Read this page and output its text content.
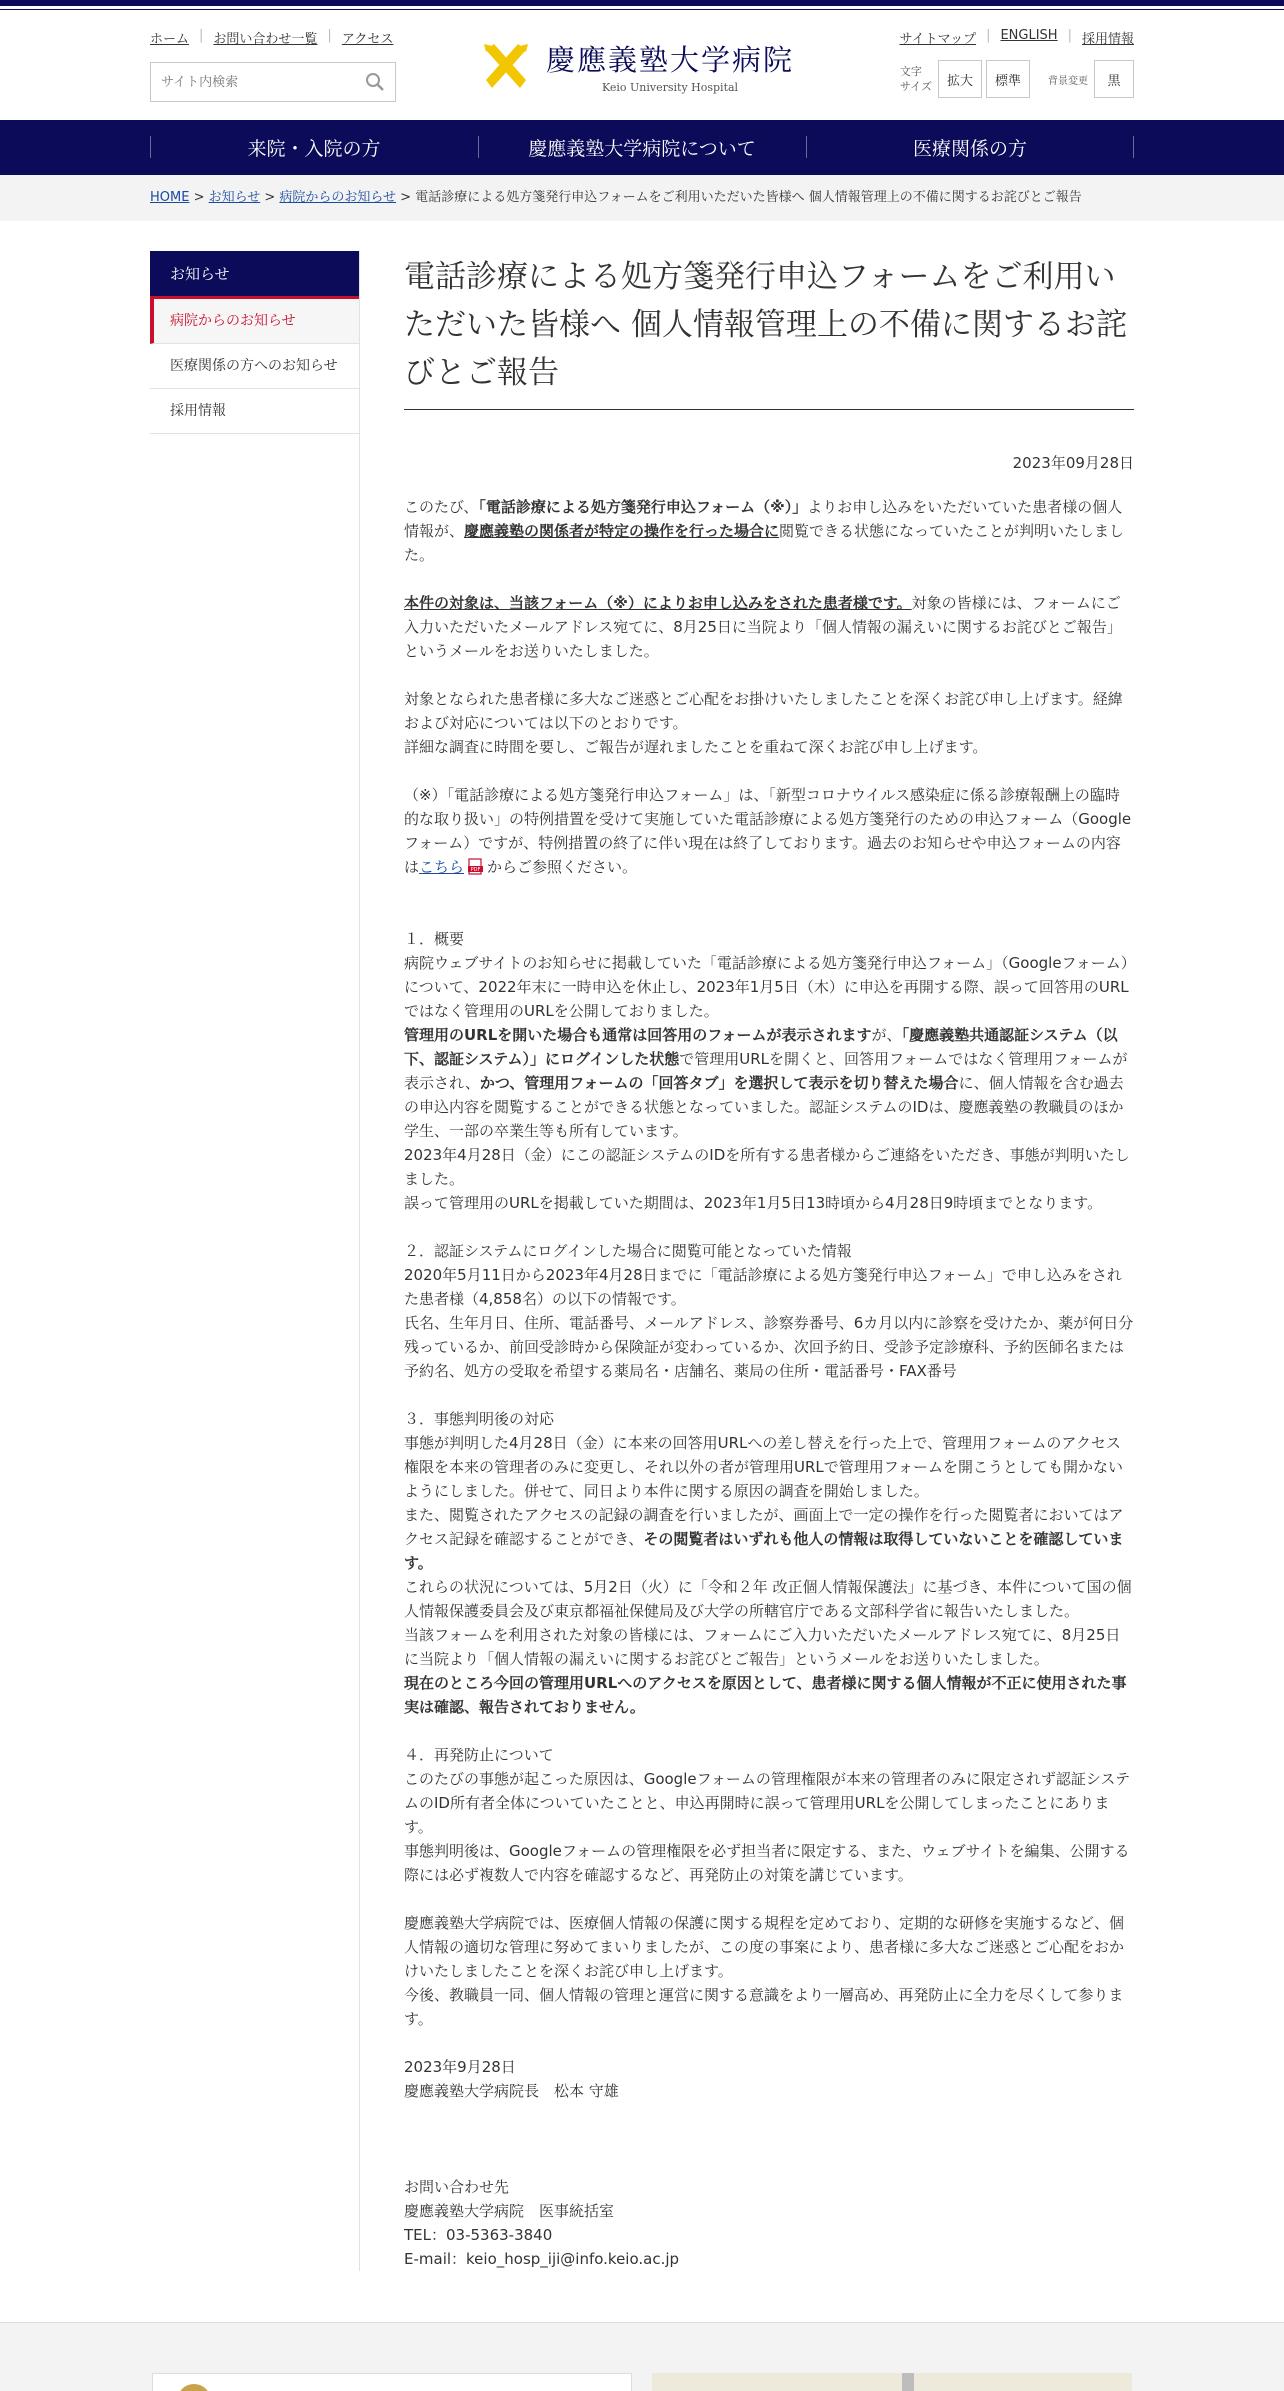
ホーム | お問い合わせ一覧 | アクセス
サイト内検索
慶應義塾大学病院
Keio University Hospital
サイトマップ | ENGLISH | 採用情報
文字
サイズ	拡大	標準	背景変更	黒
来院・入院の方	慶應義塾大学病院について	医療関係の方
HOME > お知らせ > 病院からのお知らせ > 電話診療による処方箋発行申込フォームをご利用いただいた皆様へ 個人情報管理上の不備に関するお詫びとご報告
お知らせ
病院からのお知らせ
医療関係の方へのお知らせ
採用情報
電話診療による処方箋発行申込フォームをご利用いただいた皆様へ 個人情報管理上の不備に関するお詫びとご報告
2023年09月28日

このたび、「電話診療による処方箋発行申込フォーム（※）」よりお申し込みをいただいていた患者様の個人情報が、慶應義塾の関係者が特定の操作を行った場合に閲覧できる状態になっていたことが判明いたしました。

本件の対象は、当該フォーム（※）によりお申し込みをされた患者様です。対象の皆様には、フォームにご入力いただいたメールアドレス宛てに、8月25日に当院より「個人情報の漏えいに関するお詫びとご報告」というメールをお送りいたしました。

対象となられた患者様に多大なご迷惑とご心配をお掛けいたしましたことを深くお詫び申し上げます。経緯および対応については以下のとおりです。

詳細な調査に時間を要し、ご報告が遅れましたことを重ねて深くお詫び申し上げます。

（※）「電話診療による処方箋発行申込フォーム」は、「新型コロナウイルス感染症に係る診療報酬上の臨時的な取り扱い」の特例措置を受けて実施していた電話診療による処方箋発行のための申込フォーム（Googleフォーム）ですが、特例措置の終了に伴い現在は終了しております。過去のお知らせや申込フォームの内容はこちら PDF からご参照ください。

１．概要

病院ウェブサイトのお知らせに掲載していた「電話診療による処方箋発行申込フォーム」（Googleフォーム）について、2022年末に一時申込を休止し、2023年1月5日（木）に申込を再開する際、誤って回答用のURLではなく管理用のURLを公開しておりました。

管理用のURLを開いた場合も通常は回答用のフォームが表示されますが、「慶應義塾共通認証システム（以下、認証システム）」にログインした状態で管理用URLを開くと、回答用フォームではなく管理用フォームが表示され、かつ、管理用フォームの「回答タブ」を選択して表示を切り替えた場合に、個人情報を含む過去の申込内容を閲覧することができる状態となっていました。認証システムのIDは、慶應義塾の教職員のほか学生、一部の卒業生等も所有しています。

2023年4月28日（金）にこの認証システムのIDを所有する患者様からご連絡をいただき、事態が判明いたしました。

誤って管理用のURLを掲載していた期間は、2023年1月5日13時頃から4月28日9時頃までとなります。

２．認証システムにログインした場合に閲覧可能となっていた情報

2020年5月11日から2023年4月28日までに「電話診療による処方箋発行申込フォーム」で申し込みをされた患者様（4,858名）の以下の情報です。

氏名、生年月日、住所、電話番号、メールアドレス、診察券番号、6カ月以内に診察を受けたか、薬が何日分残っているか、前回受診時から保険証が変わっているか、次回予約日、受診予定診療科、予約医師名または予約名、処方の受取を希望する薬局名・店舗名、薬局の住所・電話番号・FAX番号

３．事態判明後の対応

事態が判明した4月28日（金）に本来の回答用URLへの差し替えを行った上で、管理用フォームのアクセス権限を本来の管理者のみに変更し、それ以外の者が管理用URLで管理用フォームを開こうとしても開かないようにしました。併せて、同日より本件に関する原因の調査を開始しました。

また、閲覧されたアクセスの記録の調査を行いましたが、画面上で一定の操作を行った閲覧者においてはアクセス記録を確認することができ、その閲覧者はいずれも他人の情報は取得していないことを確認しています。

これらの状況については、5月2日（火）に「令和２年 改正個人情報保護法」に基づき、本件について国の個人情報保護委員会及び東京都福祉保健局及び大学の所轄官庁である文部科学省に報告いたしました。

当該フォームを利用された対象の皆様には、フォームにご入力いただいたメールアドレス宛てに、8月25日に当院より「個人情報の漏えいに関するお詫びとご報告」というメールをお送りいたしました。

現在のところ今回の管理用URLへのアクセスを原因として、患者様に関する個人情報が不正に使用された事実は確認、報告されておりません。

４．再発防止について

このたびの事態が起こった原因は、Googleフォームの管理権限が本来の管理者のみに限定されず認証システムのID所有者全体についていたことと、申込再開時に誤って管理用URLを公開してしまったことにあります。

事態判明後は、Googleフォームの管理権限を必ず担当者に限定する、また、ウェブサイトを編集、公開する際には必ず複数人で内容を確認するなど、再発防止の対策を講じています。

慶應義塾大学病院では、医療個人情報の保護に関する規程を定めており、定期的な研修を実施するなど、個人情報の適切な管理に努めてまいりましたが、この度の事案により、患者様に多大なご迷惑とご心配をおかけいたしましたことを深くお詫び申し上げます。

今後、教職員一同、個人情報の管理と運営に関する意識をより一層高め、再発防止に全力を尽くして参ります。

2023年9月28日

慶應義塾大学病院長　松本 守雄

お問い合わせ先

慶應義塾大学病院　医事統括室

TEL：03-5363-3840

E-mail：keio_hosp_iji@info.keio.ac.jp
